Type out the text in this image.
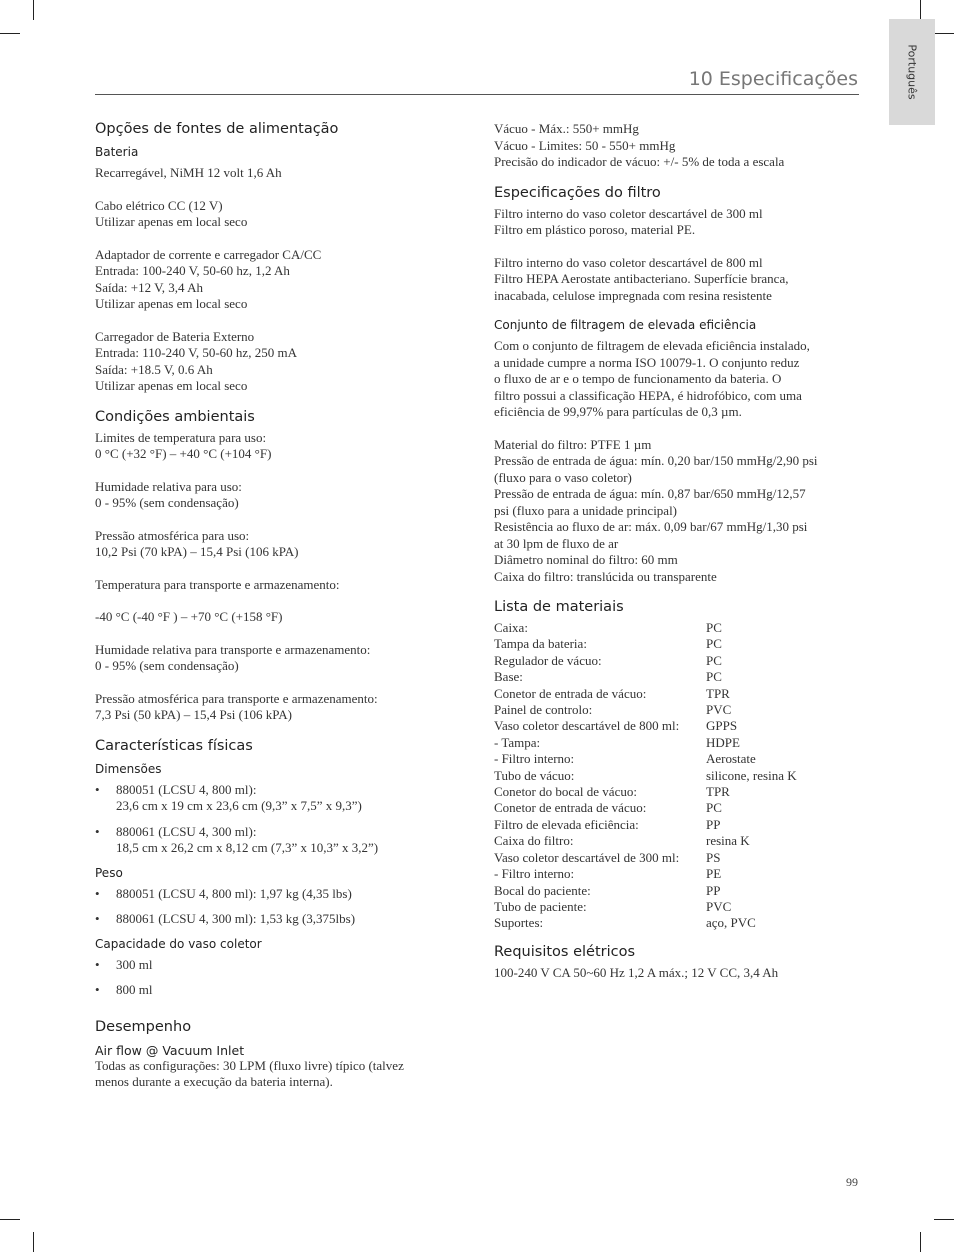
Português
10 Especificações
Opções de fontes de alimentação
Bateria
Recarregável, NiMH 12 volt 1,6 Ah
Cabo elétrico CC (12 V)
Utilizar apenas em local seco
Adaptador de corrente e carregador CA/CC
Entrada: 100-240 V, 50-60 hz, 1,2 Ah
Saída: +12 V, 3,4 Ah
Utilizar apenas em local seco
Carregador de Bateria Externo
Entrada: 110-240 V, 50-60 hz, 250 mA
Saída: +18.5 V, 0.6 Ah
Utilizar apenas em local seco
Condições ambientais
Limites de temperatura para uso:
0 °C (+32 °F) – +40 °C (+104 °F)
Humidade relativa para uso:
0 - 95% (sem condensação)
Pressão atmosférica para uso:
10,2 Psi (70 kPA) – 15,4 Psi (106 kPA)
Temperatura para transporte e armazenamento:
-40 °C (-40 °F ) – +70 °C (+158 °F)
Humidade relativa para transporte e armazenamento:
0 - 95% (sem condensação)
Pressão atmosférica para transporte e armazenamento:
7,3 Psi (50 kPA) – 15,4 Psi (106 kPA)
Características físicas
Dimensões
• 880051 (LCSU 4, 800 ml):
23,6 cm x 19 cm x 23,6 cm (9,3” x 7,5” x 9,3”)
• 880061 (LCSU 4, 300 ml):
18,5 cm x 26,2 cm x 8,12 cm (7,3” x 10,3” x 3,2”)
Peso
• 880051 (LCSU 4, 800 ml): 1,97 kg (4,35 lbs)
• 880061 (LCSU 4, 300 ml): 1,53 kg (3,375lbs)
Capacidade do vaso coletor
• 300 ml
• 800 ml
Desempenho
Air flow @ Vacuum Inlet
Todas as configurações: 30 LPM (fluxo livre) típico (talvez
menos durante a execução da bateria interna).
Vácuo - Máx.: 550+ mmHg
Vácuo - Limites: 50 - 550+ mmHg
Precisão do indicador de vácuo: +/- 5% de toda a escala
Especificações do filtro
Filtro interno do vaso coletor descartável de 300 ml
Filtro em plástico poroso, material PE.
Filtro interno do vaso coletor descartável de 800 ml
Filtro HEPA Aerostate antibacteriano. Superfície branca,
inacabada, celulose impregnada com resina resistente
Conjunto de filtragem de elevada eficiência
Com o conjunto de filtragem de elevada eficiência instalado,
a unidade cumpre a norma ISO 10079-1. O conjunto reduz
o fluxo de ar e o tempo de funcionamento da bateria. O
filtro possui a classificação HEPA, é hidrofóbico, com uma
eficiência de 99,97% para partículas de 0,3 µm.
Material do filtro: PTFE 1 µm
Pressão de entrada de água: mín. 0,20 bar/150 mmHg/2,90 psi
(fluxo para o vaso coletor)
Pressão de entrada de água: mín. 0,87 bar/650 mmHg/12,57
psi (fluxo para a unidade principal)
Resistência ao fluxo de ar: máx. 0,09 bar/67 mmHg/1,30 psi
at 30 lpm de fluxo de ar
Diâmetro nominal do filtro: 60 mm
Caixa do filtro: translúcida ou transparente
Lista de materiais
Caixa:	PC
Tampa da bateria:	PC
Regulador de vácuo:	PC
Base:	PC
Conetor de entrada de vácuo:	TPR
Painel de controlo:	PVC
Vaso coletor descartável de 800 ml:	GPPS
- Tampa:	HDPE
- Filtro interno:	Aerostate
Tubo de vácuo:	silicone, resina K
Conetor do bocal de vácuo:	TPR
Conetor de entrada de vácuo:	PC
Filtro de elevada eficiência:	PP
Caixa do filtro:	resina K
Vaso coletor descartável de 300 ml:	PS
- Filtro interno:	PE
Bocal do paciente:	PP
Tubo de paciente:	PVC
Suportes:	aço, PVC
Requisitos elétricos
100-240 V CA 50~60 Hz 1,2 A máx.; 12 V CC, 3,4 Ah
99
